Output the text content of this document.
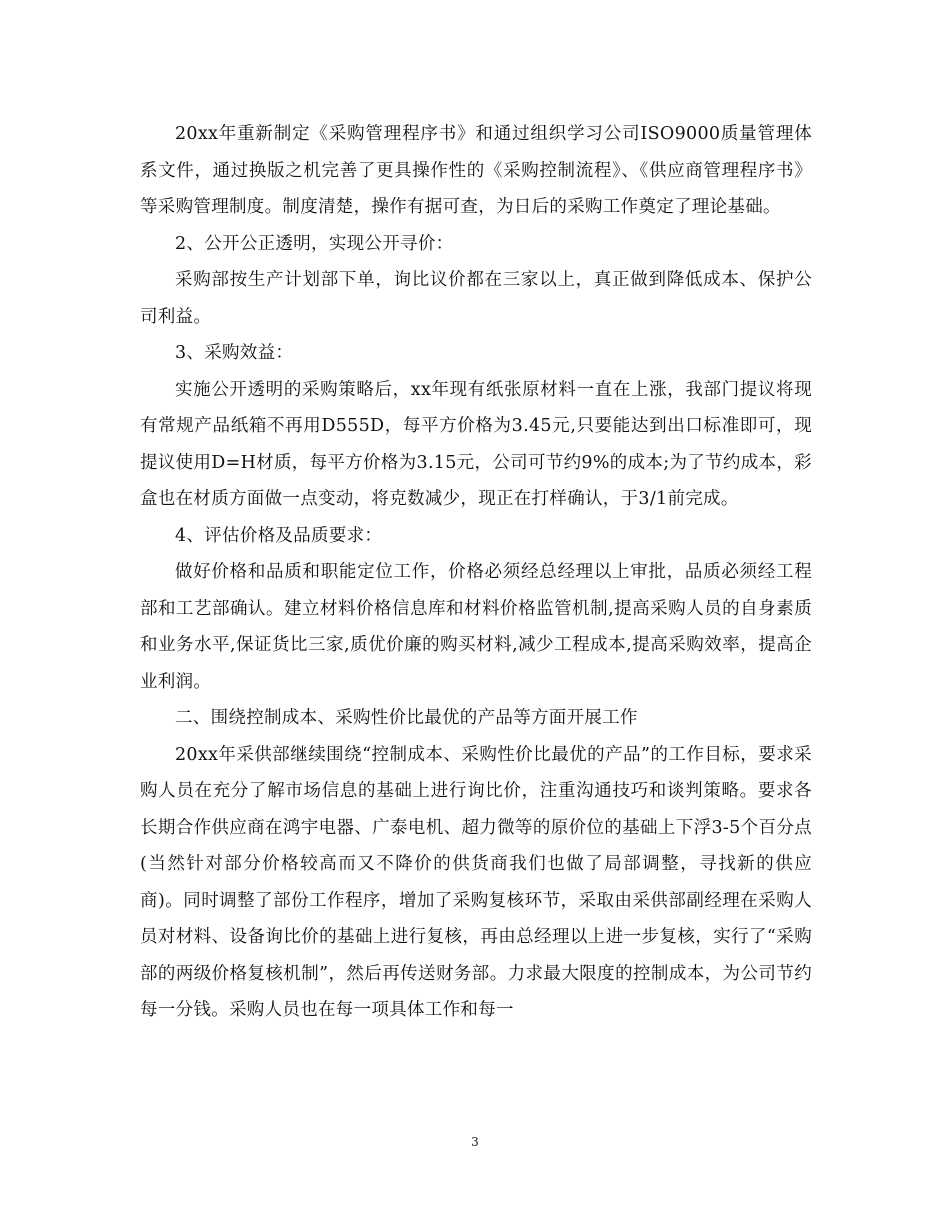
20xx年重新制定《采购管理程序书》和通过组织学习公司ISO9000质量管理体系文件，通过换版之机完善了更具操作性的《采购控制流程》、《供应商管理程序书》等采购管理制度。制度清楚，操作有据可查，为日后的采购工作奠定了理论基础。

2、公开公正透明，实现公开寻价：

采购部按生产计划部下单，询比议价都在三家以上，真正做到降低成本、保护公司利益。

3、采购效益：

实施公开透明的采购策略后，xx年现有纸张原材料一直在上涨，我部门提议将现有常规产品纸箱不再用D555D，每平方价格为3.45元,只要能达到出口标准即可，现提议使用D=H材质，每平方价格为3.15元，公司可节约9%的成本;为了节约成本，彩盒也在材质方面做一点变动，将克数减少，现正在打样确认，于3/1前完成。

4、评估价格及品质要求：

做好价格和品质和职能定位工作，价格必须经总经理以上审批，品质必须经工程部和工艺部确认。建立材料价格信息库和材料价格监管机制,提高采购人员的自身素质和业务水平,保证货比三家,质优价廉的购买材料,减少工程成本,提高采购效率，提高企业利润。

二、围绕控制成本、采购性价比最优的产品等方面开展工作

20xx年采供部继续围绕“控制成本、采购性价比最优的产品”的工作目标，要求采购人员在充分了解市场信息的基础上进行询比价，注重沟通技巧和谈判策略。要求各长期合作供应商在鸿宇电器、广泰电机、超力微等的原价位的基础上下浮3-5个百分点(当然针对部分价格较高而又不降价的供货商我们也做了局部调整，寻找新的供应商)。同时调整了部份工作程序，增加了采购复核环节，采取由采供部副经理在采购人员对材料、设备询比价的基础上进行复核，再由总经理以上进一步复核，实行了“采购部的两级价格复核机制”，然后再传送财务部。力求最大限度的控制成本，为公司节约每一分钱。采购人员也在每一项具体工作和每一

3
